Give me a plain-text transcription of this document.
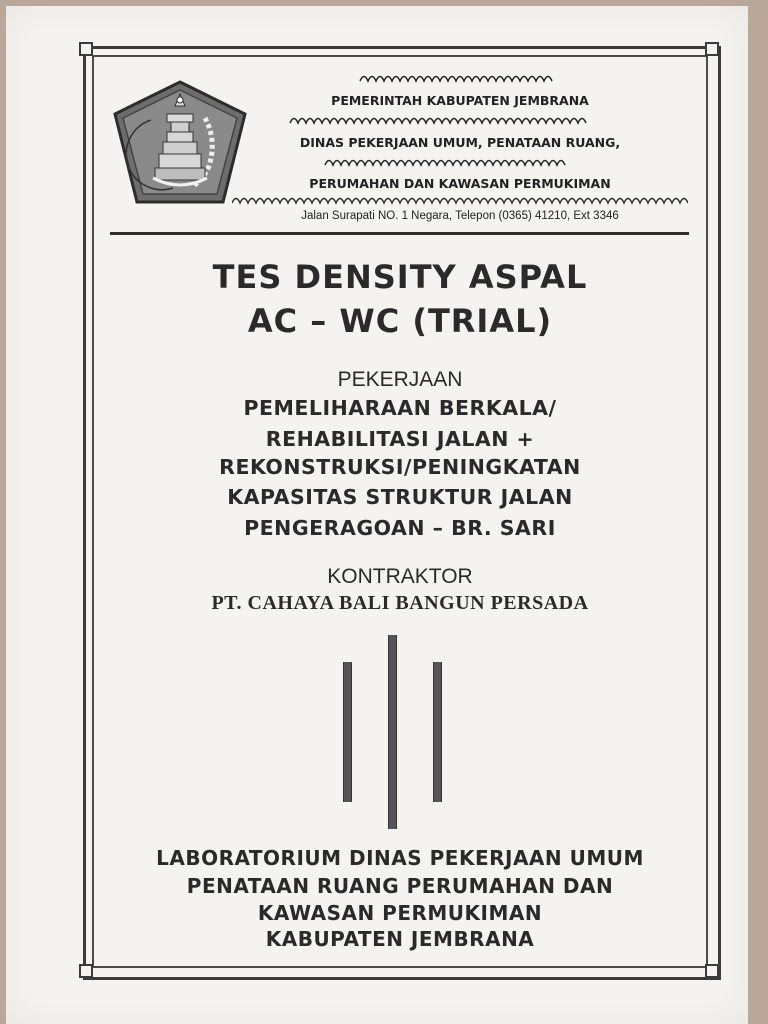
PEMERINTAH KABUPATEN JEMBRANA
DINAS PEKERJAAN UMUM, PENATAAN RUANG,
PERUMAHAN DAN KAWASAN PERMUKIMAN
Jalan Surapati NO. 1 Negara, Telepon (0365) 41210, Ext 3346
TES DENSITY ASPAL
AC – WC (TRIAL)
PEKERJAAN
PEMELIHARAAN BERKALA/
REHABILITASI JALAN +
REKONSTRUKSI/PENINGKATAN
KAPASITAS STRUKTUR JALAN
PENGERAGOAN – BR. SARI
KONTRAKTOR
PT. CAHAYA BALI BANGUN PERSADA
LABORATORIUM DINAS PEKERJAAN UMUM
PENATAAN RUANG PERUMAHAN DAN
KAWASAN PERMUKIMAN
KABUPATEN JEMBRANA
